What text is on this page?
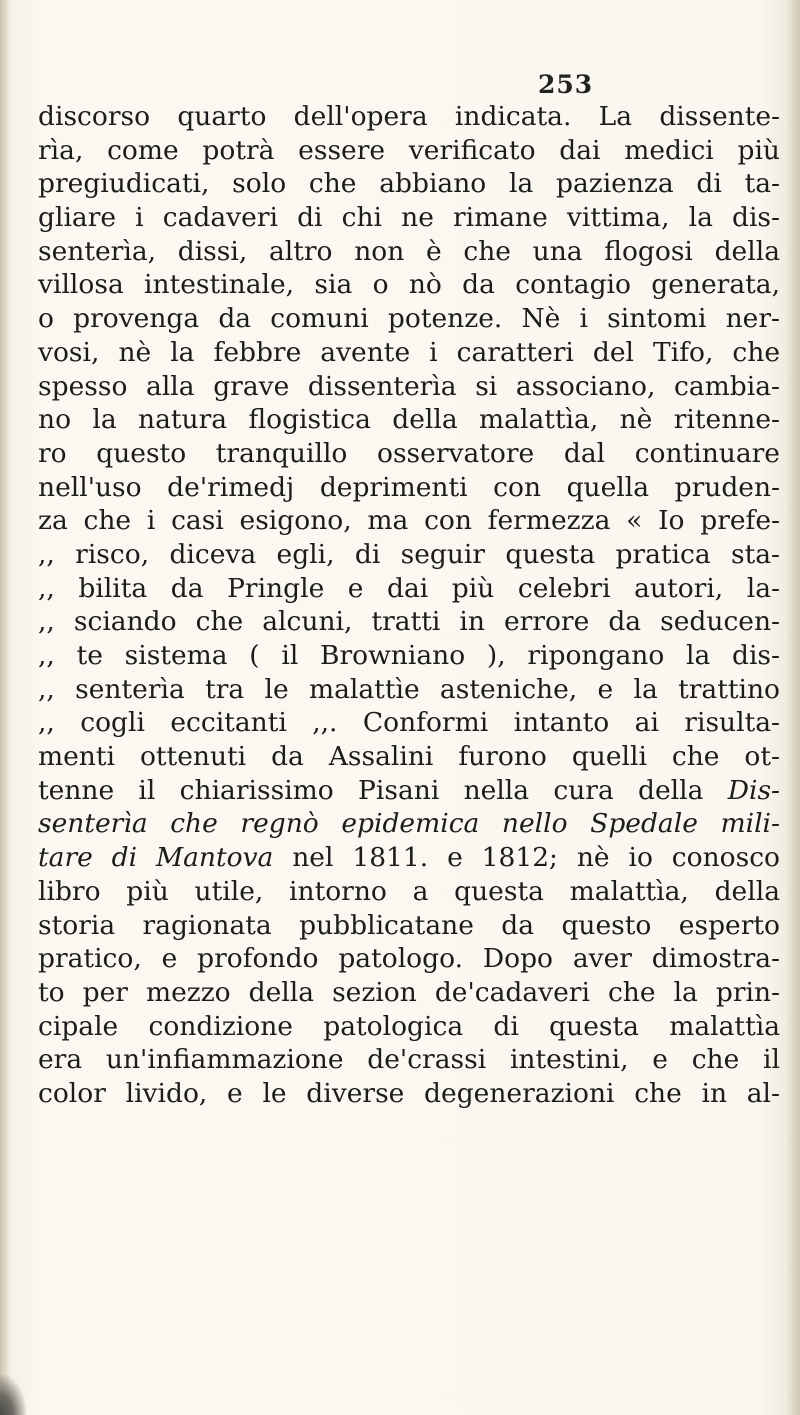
253
discorso quarto dell'opera indicata. La dissente-
rìa, come potrà essere verificato dai medici più
pregiudicati, solo che abbiano la pazienza di ta-
gliare i cadaveri di chi ne rimane vittima, la dis-
senterìa, dissi, altro non è che una flogosi della
villosa intestinale, sia o nò da contagio generata,
o provenga da comuni potenze. Nè i sintomi ner-
vosi, nè la febbre avente i caratteri del Tifo, che
spesso alla grave dissenterìa si associano, cambia-
no la natura flogistica della malattìa, nè ritenne-
ro questo tranquillo osservatore dal continuare
nell'uso de'rimedj deprimenti con quella pruden-
za che i casi esigono, ma con fermezza « Io prefe-
,, risco, diceva egli, di seguir questa pratica sta-
,, bilita da Pringle e dai più celebri autori, la-
,, sciando che alcuni, tratti in errore da seducen-
,, te sistema ( il Browniano ), ripongano la dis-
,, senterìa tra le malattìe asteniche, e la trattino
,, cogli eccitanti ,,. Conformi intanto ai risulta-
menti ottenuti da Assalini furono quelli che ot-
tenne il chiarissimo Pisani nella cura della Dis-
senterìa che regnò epidemica nello Spedale mili-
tare di Mantova nel 1811. e 1812; nè io conosco
libro più utile, intorno a questa malattìa, della
storia ragionata pubblicatane da questo esperto
pratico, e profondo patologo. Dopo aver dimostra-
to per mezzo della sezion de'cadaveri che la prin-
cipale condizione patologica di questa malattìa
era un'infiammazione de'crassi intestini, e che il
color livido, e le diverse degenerazioni che in al-
